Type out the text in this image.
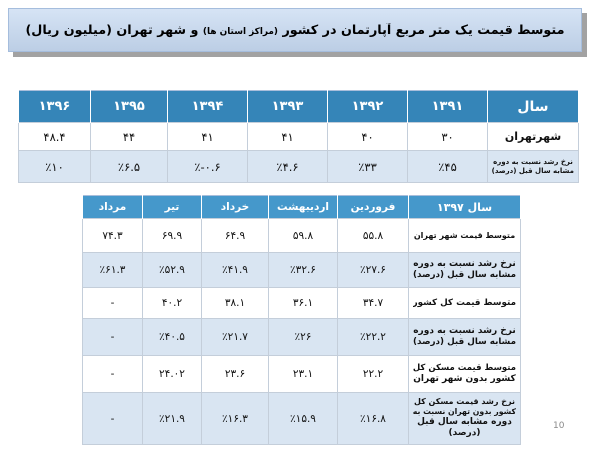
متوسط قیمت یک متر مربع آپارتمان در کشور (مراکز استان ها) و شهر تهران (میلیون ریال)
سال	۱۳۹۱	۱۳۹۲	۱۳۹۳	۱۳۹۴	۱۳۹۵	۱۳۹۶

شهرتهران	۳۰	۴۰	۴۱	۴۱	۴۴	۴۸.۴

نرخ رشد نسبت به دوره
مشابه سال قبل (درصد)	٪۴۵	٪۳۳	٪۴.۶	٪-۰.۶	٪۶.۵	٪۱۰
سال ۱۳۹۷	فروردین	اردیبهشت	خرداد	تیر	مرداد

متوسط قیمت شهر تهران	۵۵.۸	۵۹.۸	۶۴.۹	۶۹.۹	۷۴.۳

نرخ رشد نسبت به دوره
مشابه سال قبل (درصد)	٪۲۷.۶	٪۳۲.۶	٪۴۱.۹	٪۵۲.۹	٪۶۱.۳

متوسط قیمت کل کشور	۳۴.۷	۳۶.۱	۳۸.۱	۴۰.۲	-

نرخ رشد نسبت به دوره
مشابه سال قبل (درصد)	٪۲۲.۲	٪۲۶	٪۲۱.۷	٪۴۰.۵	-

متوسط قیمت مسکن کل
کشور بدون شهر تهران	۲۲.۲	۲۳.۱	۲۳.۶	۲۴.۰۲	-

نرخ رشد قیمت مسکن کل
کشور بدون تهران نسبت به
دوره مشابه سال قبل
(درصد)	٪۱۶.۸	٪۱۵.۹	٪۱۶.۳	٪۲۱.۹	-
10
